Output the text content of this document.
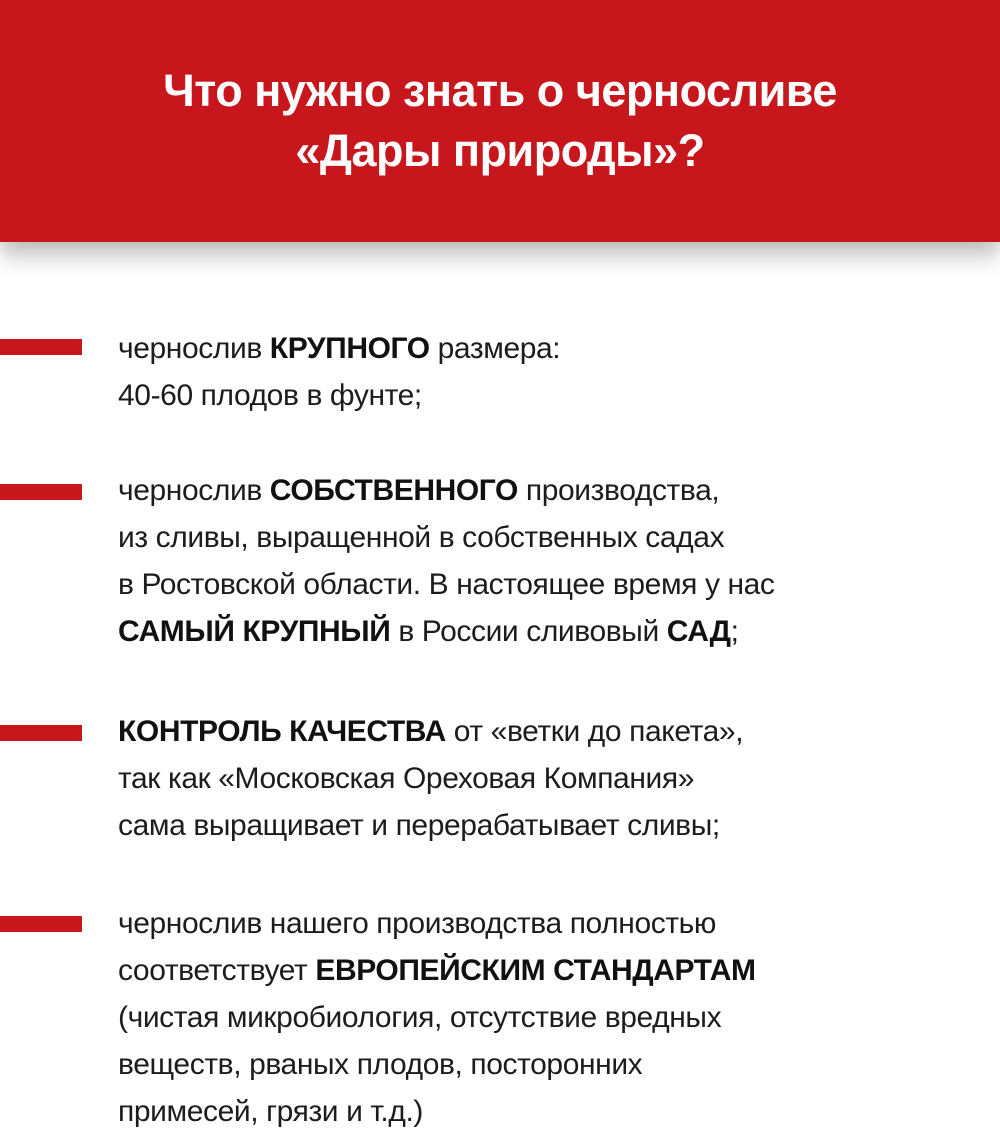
Что нужно знать о черносливе
«Дары природы»?
чернослив КРУПНОГО размера:
40-60 плодов в фунте;
чернослив СОБСТВЕННОГО производства,
из сливы, выращенной в собственных садах
в Ростовской области. В настоящее время у нас
САМЫЙ КРУПНЫЙ в России сливовый САД;
КОНТРОЛЬ КАЧЕСТВА от «ветки до пакета»,
так как «Московская Ореховая Компания»
сама выращивает и перерабатывает сливы;
чернослив нашего производства полностью
соответствует ЕВРОПЕЙСКИМ СТАНДАРТАМ
(чистая микробиология, отсутствие вредных
веществ, рваных плодов, посторонних
примесей, грязи и т.д.)
